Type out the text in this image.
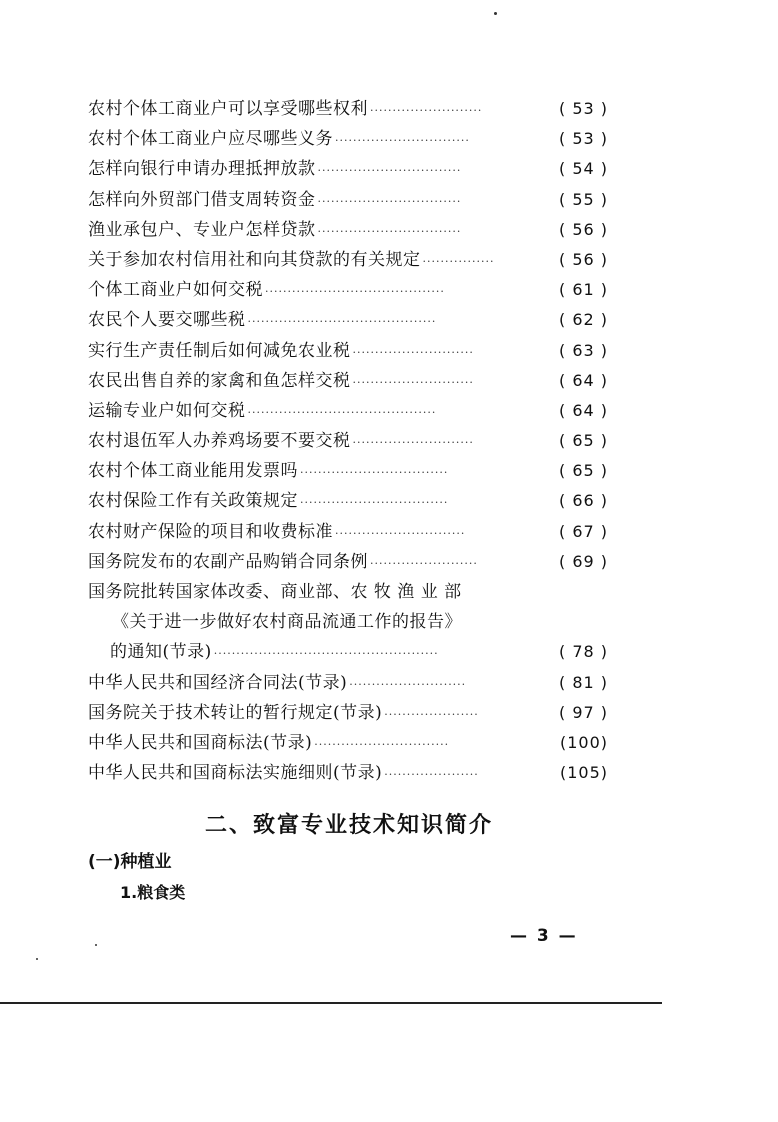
农村个体工商业户可以享受哪些权利 ·························	( 53 )
农村个体工商业户应尽哪些义务 ······························	( 53 )
怎样向银行申请办理抵押放款 ································	( 54 )
怎样向外贸部门借支周转资金 ································	( 55 )
渔业承包户、专业户怎样贷款 ································	( 56 )
关于参加农村信用社和向其贷款的有关规定 ················	( 56 )
个体工商业户如何交税 ········································	( 61 )
农民个人要交哪些税 ··········································	( 62 )
实行生产责任制后如何减免农业税 ···························	( 63 )
农民出售自养的家禽和鱼怎样交税 ···························	( 64 )
运输专业户如何交税 ··········································	( 64 )
农村退伍军人办养鸡场要不要交税 ···························	( 65 )
农村个体工商业能用发票吗 ·································	( 65 )
农村保险工作有关政策规定 ·································	( 66 )
农村财产保险的项目和收费标准 ·····························	( 67 )
国务院发布的农副产品购销合同条例 ························	( 69 )
国务院批转国家体改委、商业部、农 牧 渔 业 部
《关于进一步做好农村商品流通工作的报告》
的通知(节录) ··················································	( 78 )
中华人民共和国经济合同法(节录) ··························	( 81 )
国务院关于技术转让的暂行规定(节录) ·····················	( 97 )
中华人民共和国商标法(节录) ······························	(100)
中华人民共和国商标法实施细则(节录) ·····················	(105)
二、致富专业技术知识简介
(一)种植业
1.粮食类
— 3 —
